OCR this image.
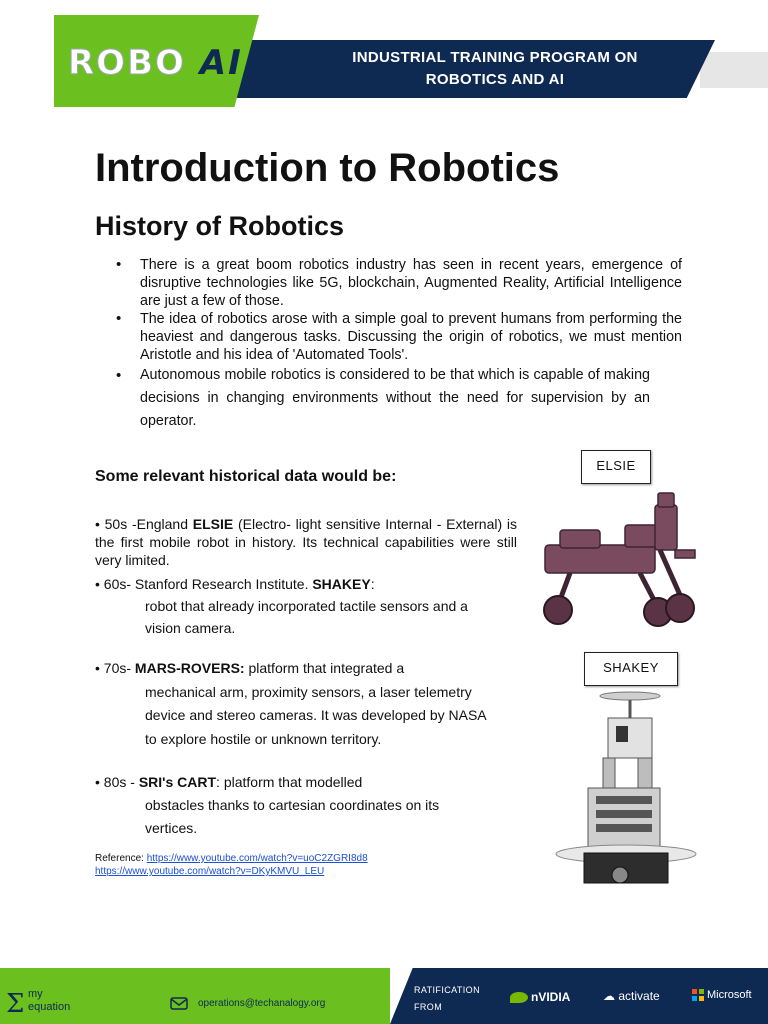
INDUSTRIAL TRAINING PROGRAM ON
ROBOTICS AND AI
ROBO AI
Introduction to Robotics
History of Robotics
• There is a great boom robotics industry has seen in recent years, emergence of disruptive technologies like 5G, blockchain, Augmented Reality, Artificial Intelligence are just a few of those.
• The idea of robotics arose with a simple goal to prevent humans from performing the heaviest and dangerous tasks. Discussing the origin of robotics, we must mention Aristotle and his idea of 'Automated Tools'.
• Autonomous mobile robotics is considered to be that which is capable of making decisions in changing environments without the need for supervision by an operator.
Some relevant historical data would be:
• 50s -England ELSIE (Electro- light sensitive Internal - External) is the first mobile robot in history. Its technical capabilities were still very limited.
• 60s- Stanford Research Institute. SHAKEY:
robot that already incorporated tactile sensors and a vision camera.
• 70s- MARS-ROVERS: platform that integrated a
mechanical arm, proximity sensors, a laser telemetry device and stereo cameras. It was developed by NASA to explore hostile or unknown territory.
• 80s - SRI's CART: platform that modelled
obstacles thanks to cartesian coordinates on its vertices.
Reference: https://www.youtube.com/watch?v=uoC2ZGRI8d8
https://www.youtube.com/watch?v=DKyKMVU_LEU
ELSIE
SHAKEY
Σ my
equation	operations@techanalogy.org
RATIFICATION
FROM
nVIDIA	☁ activate	Microsoft
